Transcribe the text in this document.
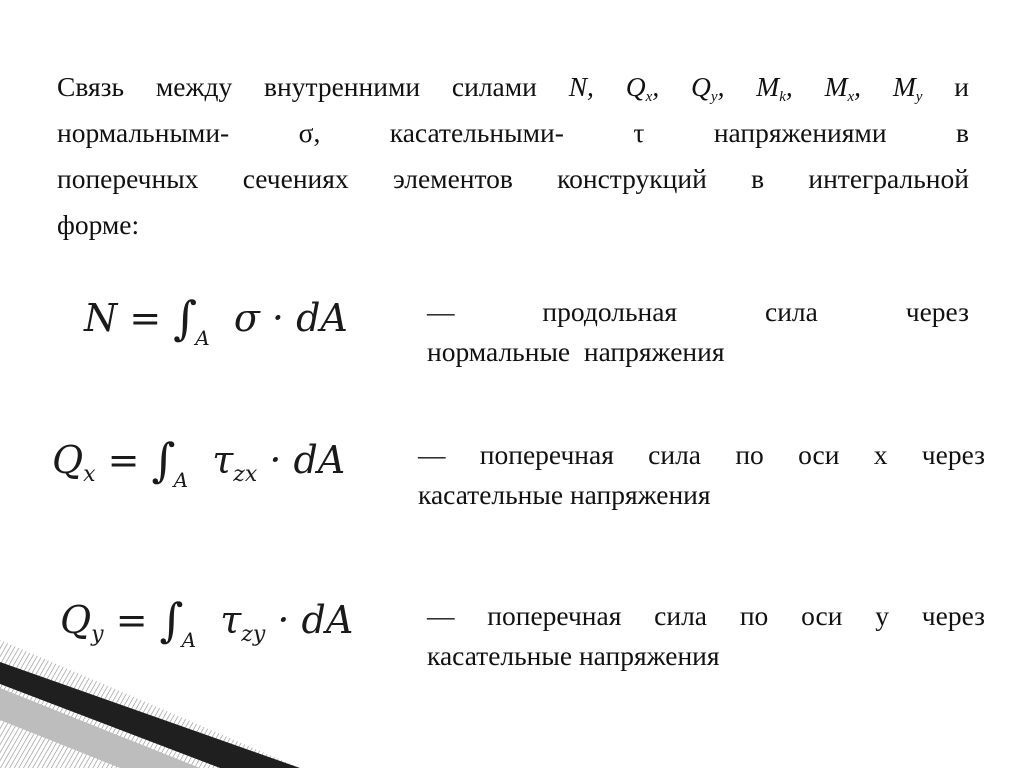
Связь между внутренними силами N, $Q_x$, $Q_y$, $M_k$, $M_x$, $M_y$ и
нормальными-	σ,	касательными-	τ	напряжениями	в
поперечных сечениях элементов конструкций в интегральной
форме:
$N = \int_A$ σ · dA	—	продольная	сила	через
нормальные  напряжения
$Q_x = \int_A$ $\tau_{zx}$ · dA	— поперечная сила по оси x через
касательные напряжения
$Q_y = \int_A$ $\tau_{zy}$ · dA	— поперечная сила по оси y через
касательные напряжения
